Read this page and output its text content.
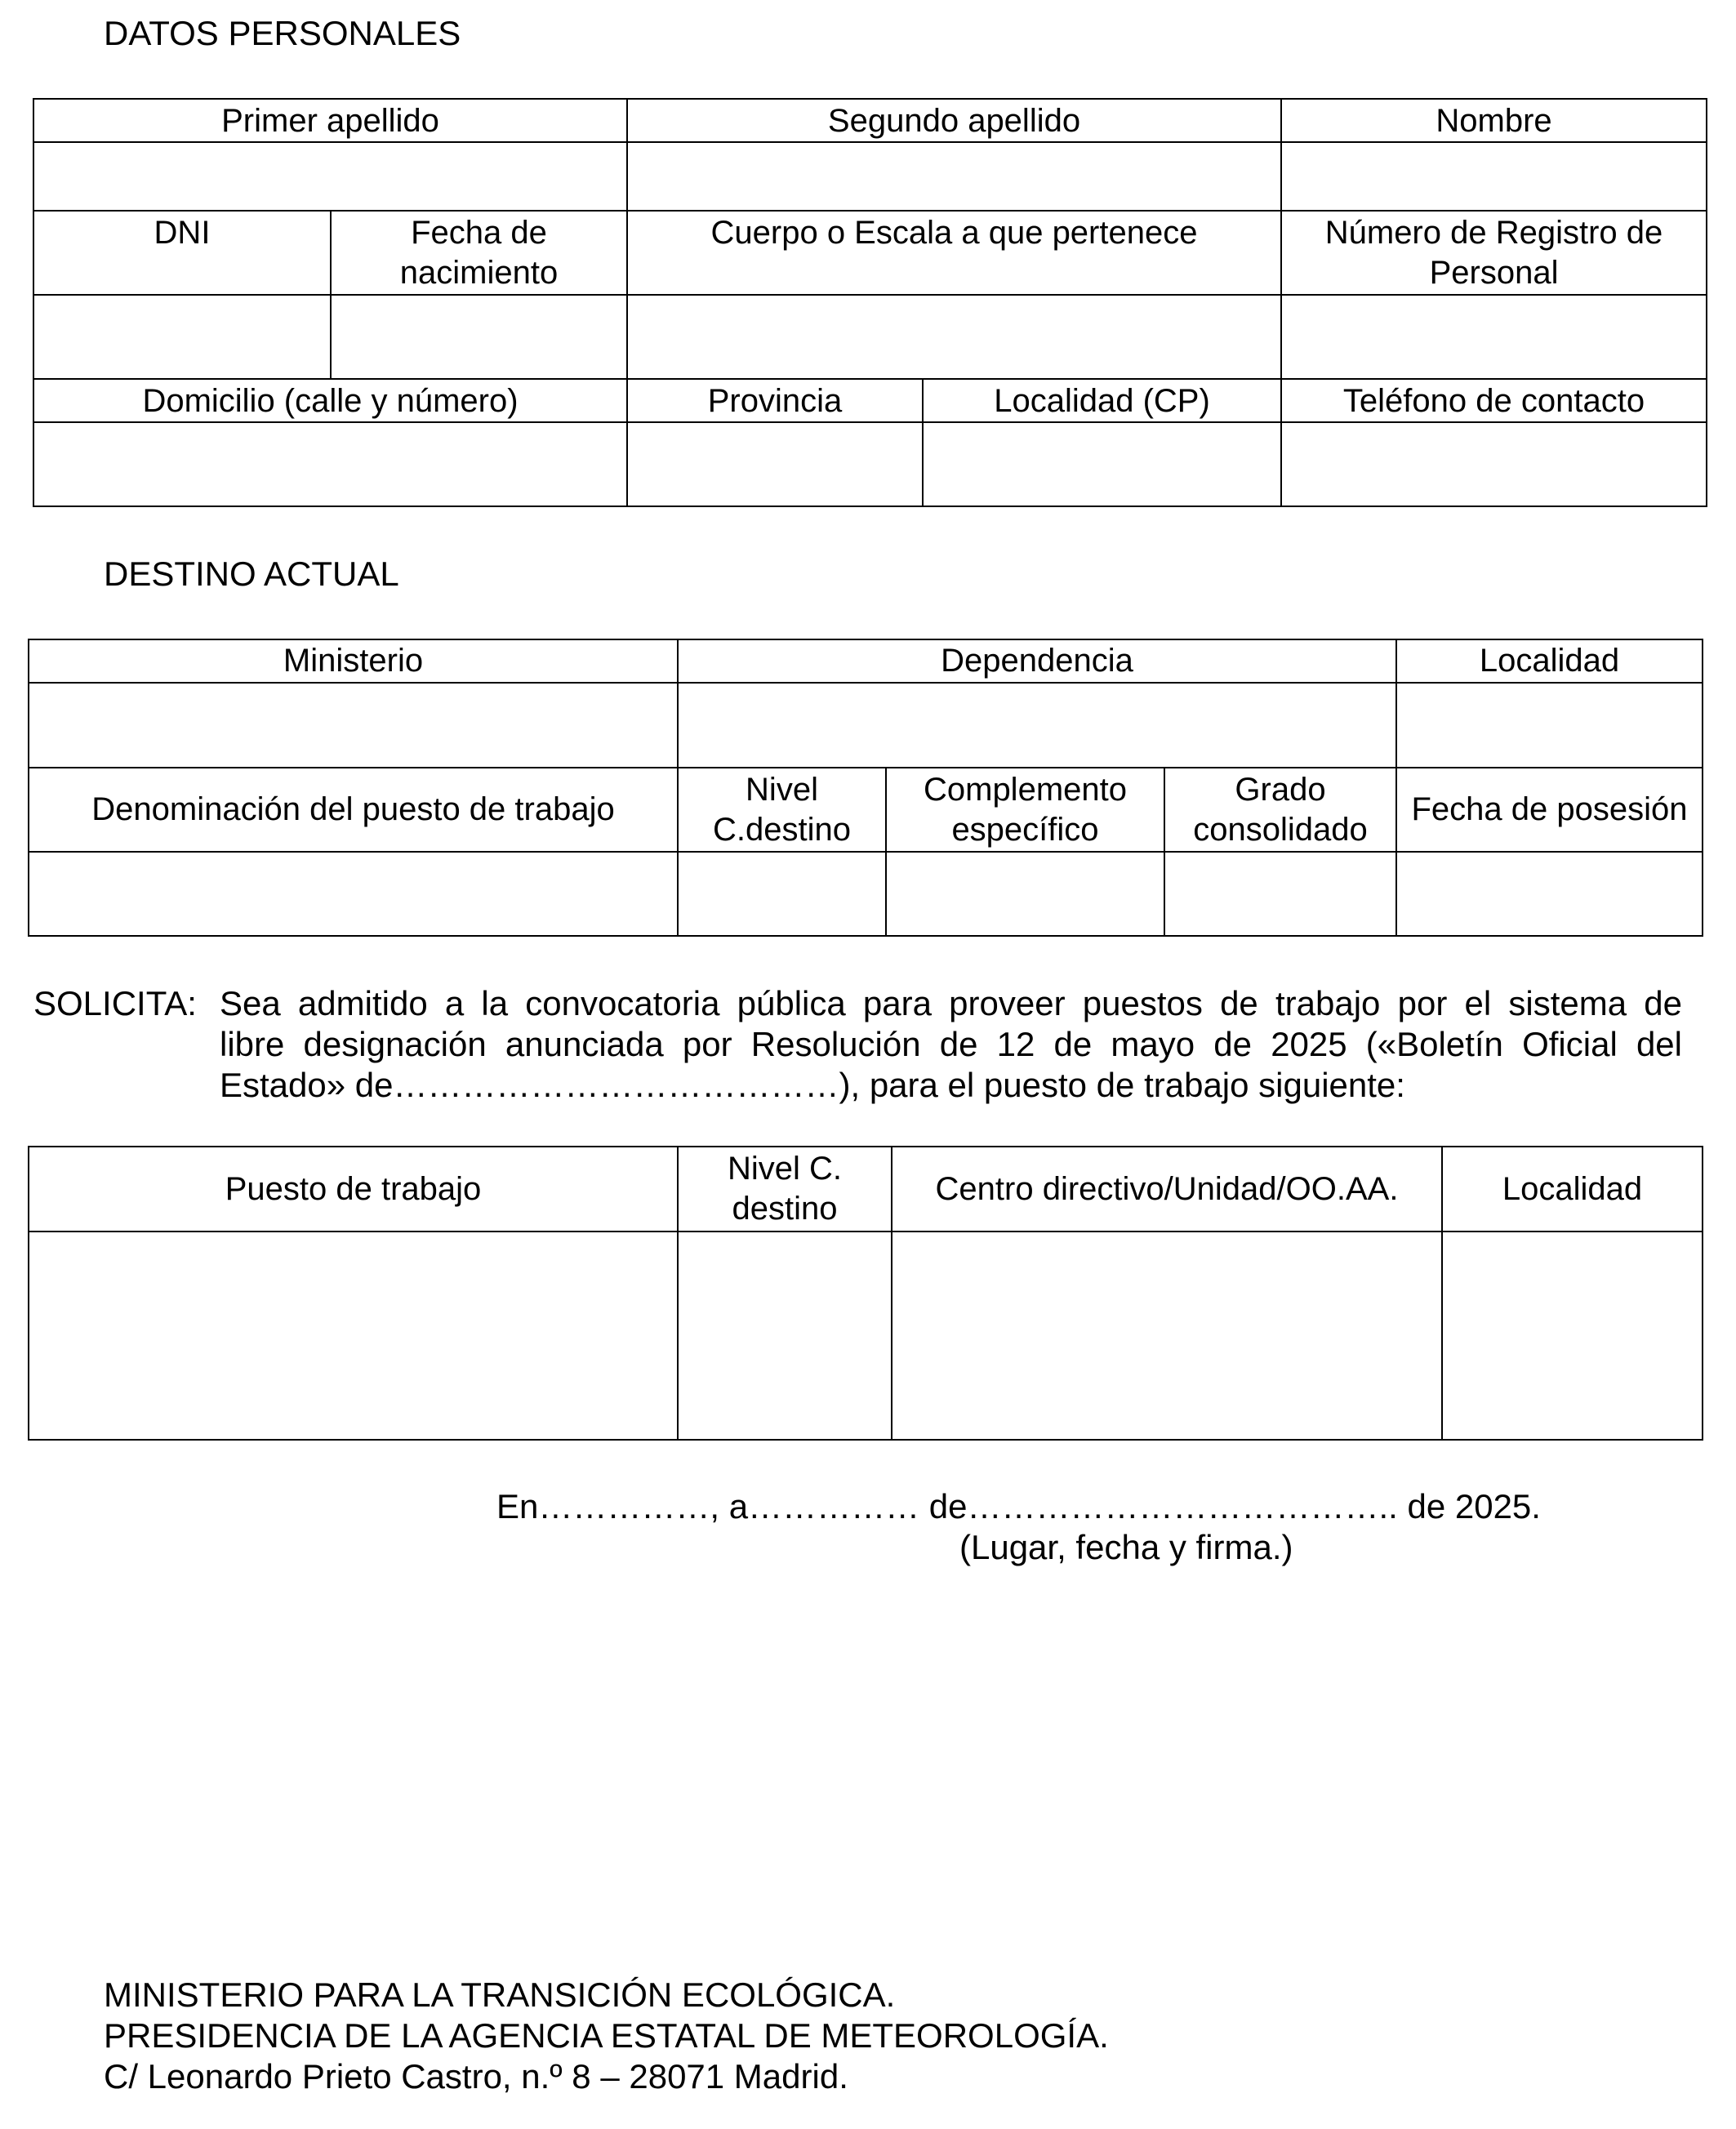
DATOS PERSONALES
Primer apellido		Segundo apellido		Nombre

DNI	Fecha de nacimiento	Cuerpo o Escala a que pertenece		Número de Registro de Personal

Domicilio (calle y número)		Provincia	Localidad (CP)	Teléfono de contacto

DESTINO ACTUAL
Ministerio	Dependencia			Localidad

Denominación del puesto de trabajo	Nivel C.destino	Complemento específico	Grado consolidado	Fecha de posesión

SOLICITA: Sea admitido a la convocatoria pública para proveer puestos de trabajo por el sistema de
libre designación anunciada por Resolución de 12 de mayo de 2025 («Boletín Oficial del
Estado» de…………………………………), para el puesto de trabajo siguiente:
Puesto de trabajo	Nivel C. destino	Centro directivo/Unidad/OO.AA.	Localidad

En……………, a…………… de……………………………….. de 2025.
(Lugar, fecha y firma.)
MINISTERIO PARA LA TRANSICIÓN ECOLÓGICA.
PRESIDENCIA DE LA AGENCIA ESTATAL DE METEOROLOGÍA.
C/ Leonardo Prieto Castro, n.º 8 – 28071 Madrid.
